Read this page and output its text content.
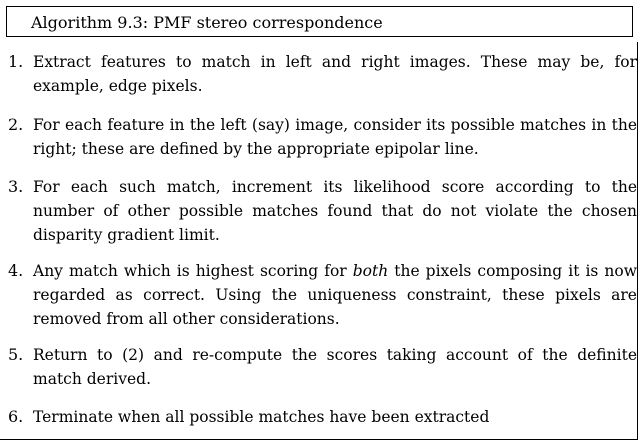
Algorithm 9.3: PMF stereo correspondence
1. Extract features to match in left and right images. These may be, for example, edge pixels.
2. For each feature in the left (say) image, consider its possible matches in the right; these are defined by the appropriate epipolar line.
3. For each such match, increment its likelihood score according to the number of other possible matches found that do not violate the chosen disparity gradient limit.
4. Any match which is highest scoring for both the pixels composing it is now regarded as correct. Using the uniqueness constraint, these pixels are removed from all other considerations.
5. Return to (2) and re-compute the scores taking account of the definite match derived.
6. Terminate when all possible matches have been extracted
